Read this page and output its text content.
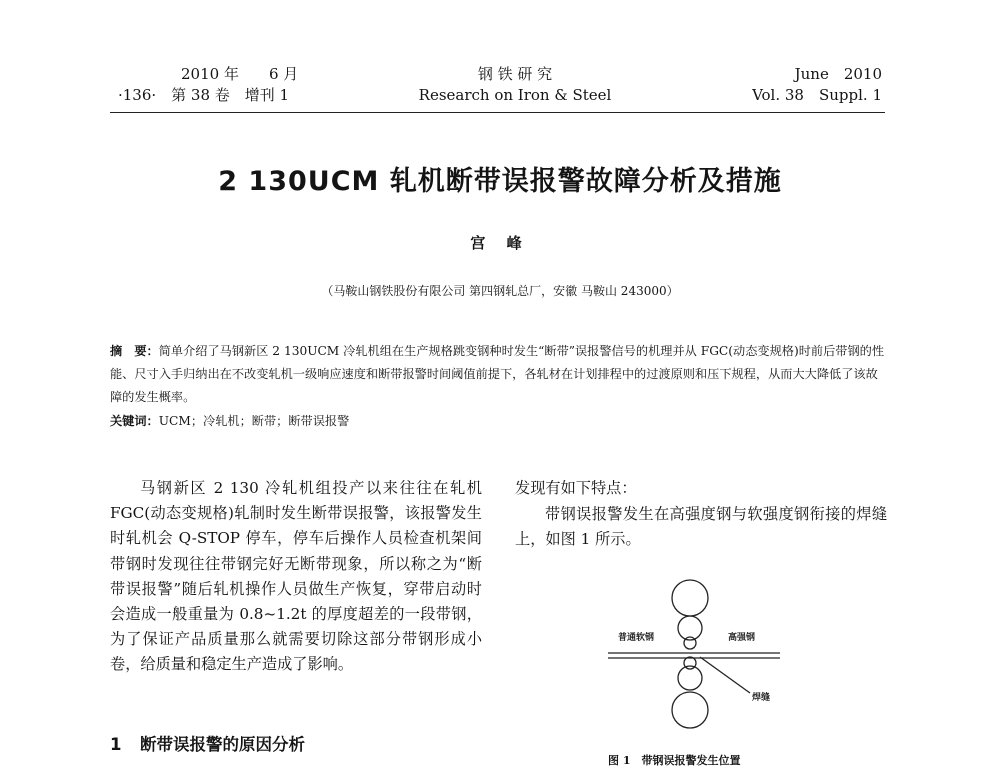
2010 年　　6 月
·136·　第 38 卷　增刊 1
钢 铁 研 究
Research on Iron & Steel
June　2010
Vol. 38　Suppl. 1
2 130UCM 轧机断带误报警故障分析及措施
宫 峰
（马鞍山钢铁股份有限公司 第四钢轧总厂，安徽 马鞍山 243000）
摘　要：简单介绍了马钢新区 2 130UCM 冷轧机组在生产规格跳变钢种时发生“断带”误报警信号的机理并从 FGC(动态变规格)时前后带钢的性能、尺寸入手归纳出在不改变轧机一级响应速度和断带报警时间阈值前提下，各轧材在计划排程中的过渡原则和压下规程，从而大大降低了该故障的发生概率。
关键词：UCM；冷轧机；断带；断带误报警
马钢新区 2 130 冷轧机组投产以来往往在轧机 FGC(动态变规格)轧制时发生断带误报警，该报警发生时轧机会 Q-STOP 停车，停车后操作人员检查机架间带钢时发现往往带钢完好无断带现象，所以称之为“断带误报警”随后轧机操作人员做生产恢复，穿带启动时会造成一般重量为 0.8~1.2t 的厚度超差的一段带钢，为了保证产品质量那么就需要切除这部分带钢形成小卷，给质量和稳定生产造成了影响。
发现有如下特点：
带钢误报警发生在高强度钢与软强度钢衔接的焊缝上，如图 1 所示。
1 断带误报警的原因分析
普通软钢	高强钢
焊缝
图 1　带钢误报警发生位置
